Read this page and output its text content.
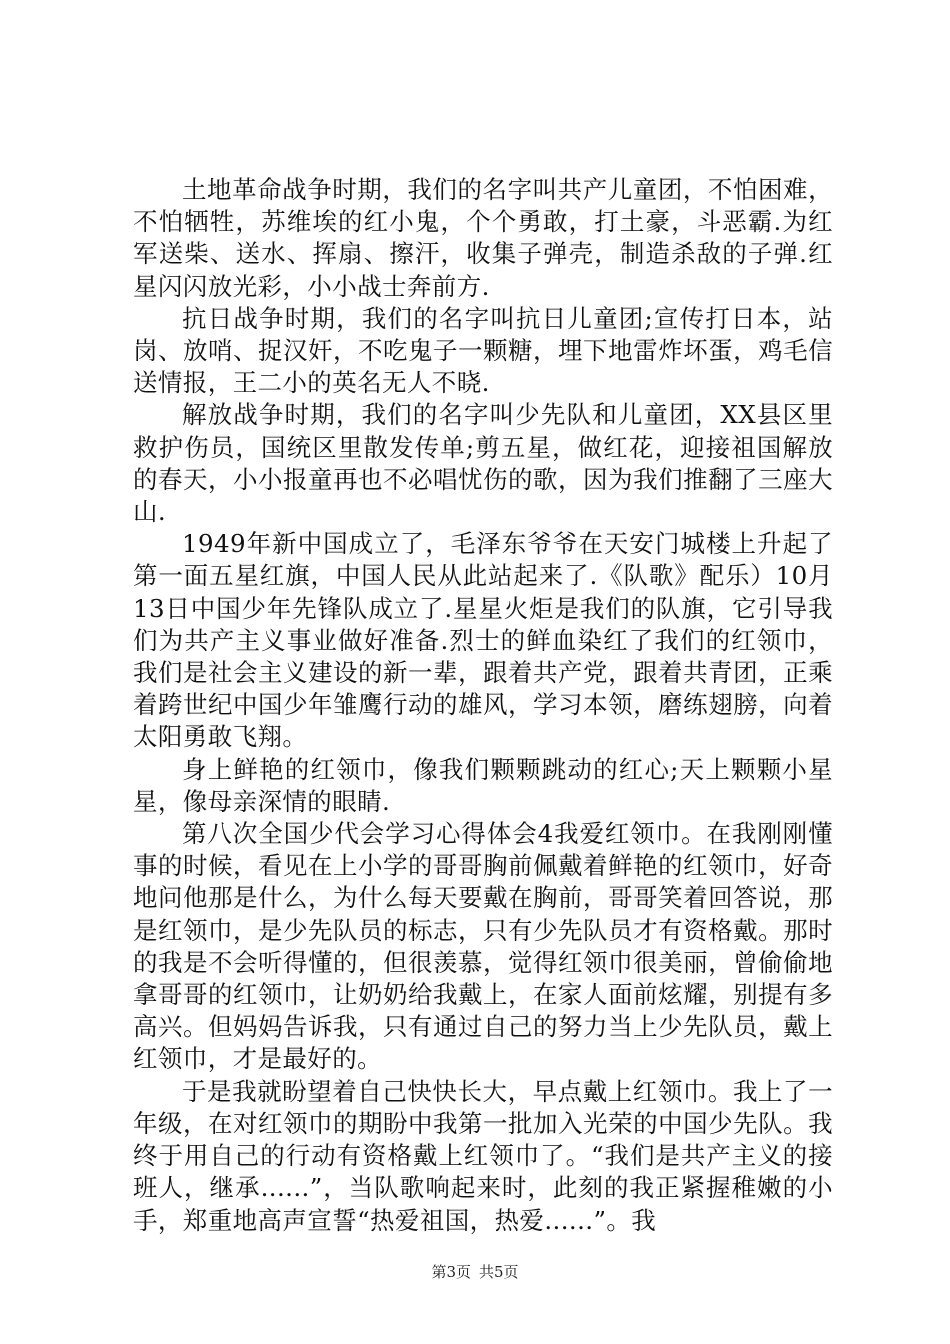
土地革命战争时期，我们的名字叫共产儿童团，不怕困难，不怕牺牲，苏维埃的红小鬼，个个勇敢，打土豪，斗恶霸.为红军送柴、送水、挥扇、擦汗，收集子弹壳，制造杀敌的子弹.红星闪闪放光彩，小小战士奔前方.

抗日战争时期，我们的名字叫抗日儿童团;宣传打日本，站岗、放哨、捉汉奸，不吃鬼子一颗糖，埋下地雷炸坏蛋，鸡毛信送情报，王二小的英名无人不晓.

解放战争时期，我们的名字叫少先队和儿童团，XX县区里救护伤员，国统区里散发传单;剪五星，做红花，迎接祖国解放的春天，小小报童再也不必唱忧伤的歌，因为我们推翻了三座大山.

1949年新中国成立了，毛泽东爷爷在天安门城楼上升起了第一面五星红旗，中国人民从此站起来了.《队歌》配乐）10月13日中国少年先锋队成立了.星星火炬是我们的队旗，它引导我们为共产主义事业做好准备.烈士的鲜血染红了我们的红领巾，我们是社会主义建设的新一辈，跟着共产党，跟着共青团，正乘着跨世纪中国少年雏鹰行动的雄风，学习本领，磨练翅膀，向着太阳勇敢飞翔。

身上鲜艳的红领巾，像我们颗颗跳动的红心;天上颗颗小星星，像母亲深情的眼睛.

第八次全国少代会学习心得体会4我爱红领巾。在我刚刚懂事的时候，看见在上小学的哥哥胸前佩戴着鲜艳的红领巾，好奇地问他那是什么，为什么每天要戴在胸前，哥哥笑着回答说，那是红领巾，是少先队员的标志，只有少先队员才有资格戴。那时的我是不会听得懂的，但很羡慕，觉得红领巾很美丽，曾偷偷地拿哥哥的红领巾，让奶奶给我戴上，在家人面前炫耀，别提有多高兴。但妈妈告诉我，只有通过自己的努力当上少先队员，戴上红领巾，才是最好的。

于是我就盼望着自己快快长大，早点戴上红领巾。我上了一年级，在对红领巾的期盼中我第一批加入光荣的中国少先队。我终于用自己的行动有资格戴上红领巾了。“我们是共产主义的接班人，继承......”，当队歌响起来时，此刻的我正紧握稚嫩的小手，郑重地高声宣誓“热爱祖国，热爱......”。我

第3页 共5页
